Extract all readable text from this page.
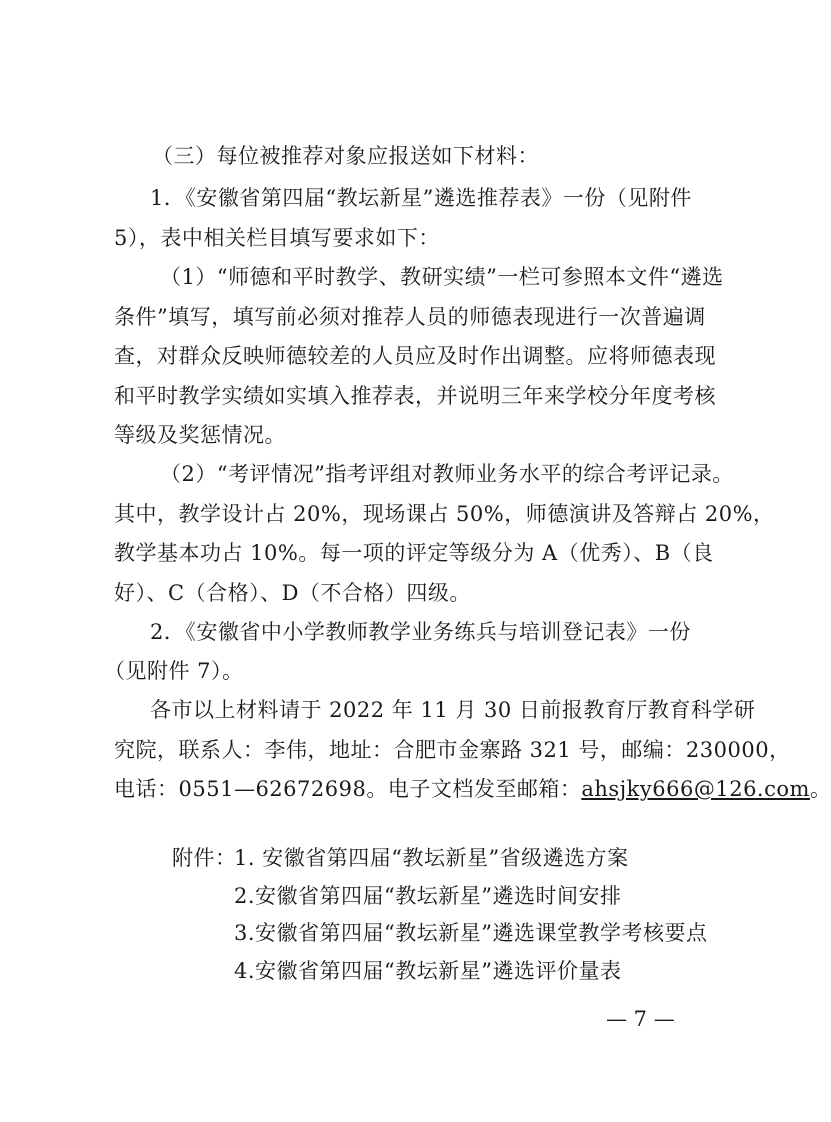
（三）每位被推荐对象应报送如下材料：
1．《安徽省第四届“教坛新星”遴选推荐表》一份（见附件
5），表中相关栏目填写要求如下：
（1）“师德和平时教学、教研实绩”一栏可参照本文件“遴选
条件”填写，填写前必须对推荐人员的师德表现进行一次普遍调
查，对群众反映师德较差的人员应及时作出调整。应将师德表现
和平时教学实绩如实填入推荐表，并说明三年来学校分年度考核
等级及奖惩情况。
（2）“考评情况”指考评组对教师业务水平的综合考评记录。
其中，教学设计占 20%，现场课占 50%，师德演讲及答辩占 20%，
教学基本功占 10%。每一项的评定等级分为 A（优秀）、B（良
好）、C（合格）、D（不合格）四级。
2．《安徽省中小学教师教学业务练兵与培训登记表》一份
（见附件 7）。
各市以上材料请于 2022 年 11 月 30 日前报教育厅教育科学研
究院，联系人：李伟，地址：合肥市金寨路 321 号，邮编：230000，
电话：0551—62672698。电子文档发至邮箱：ahsjky666@126.com。
附件：
1. 安徽省第四届“教坛新星”省级遴选方案
2.安徽省第四届“教坛新星”遴选时间安排
3.安徽省第四届“教坛新星”遴选课堂教学考核要点
4.安徽省第四届“教坛新星”遴选评价量表
— 7 —
